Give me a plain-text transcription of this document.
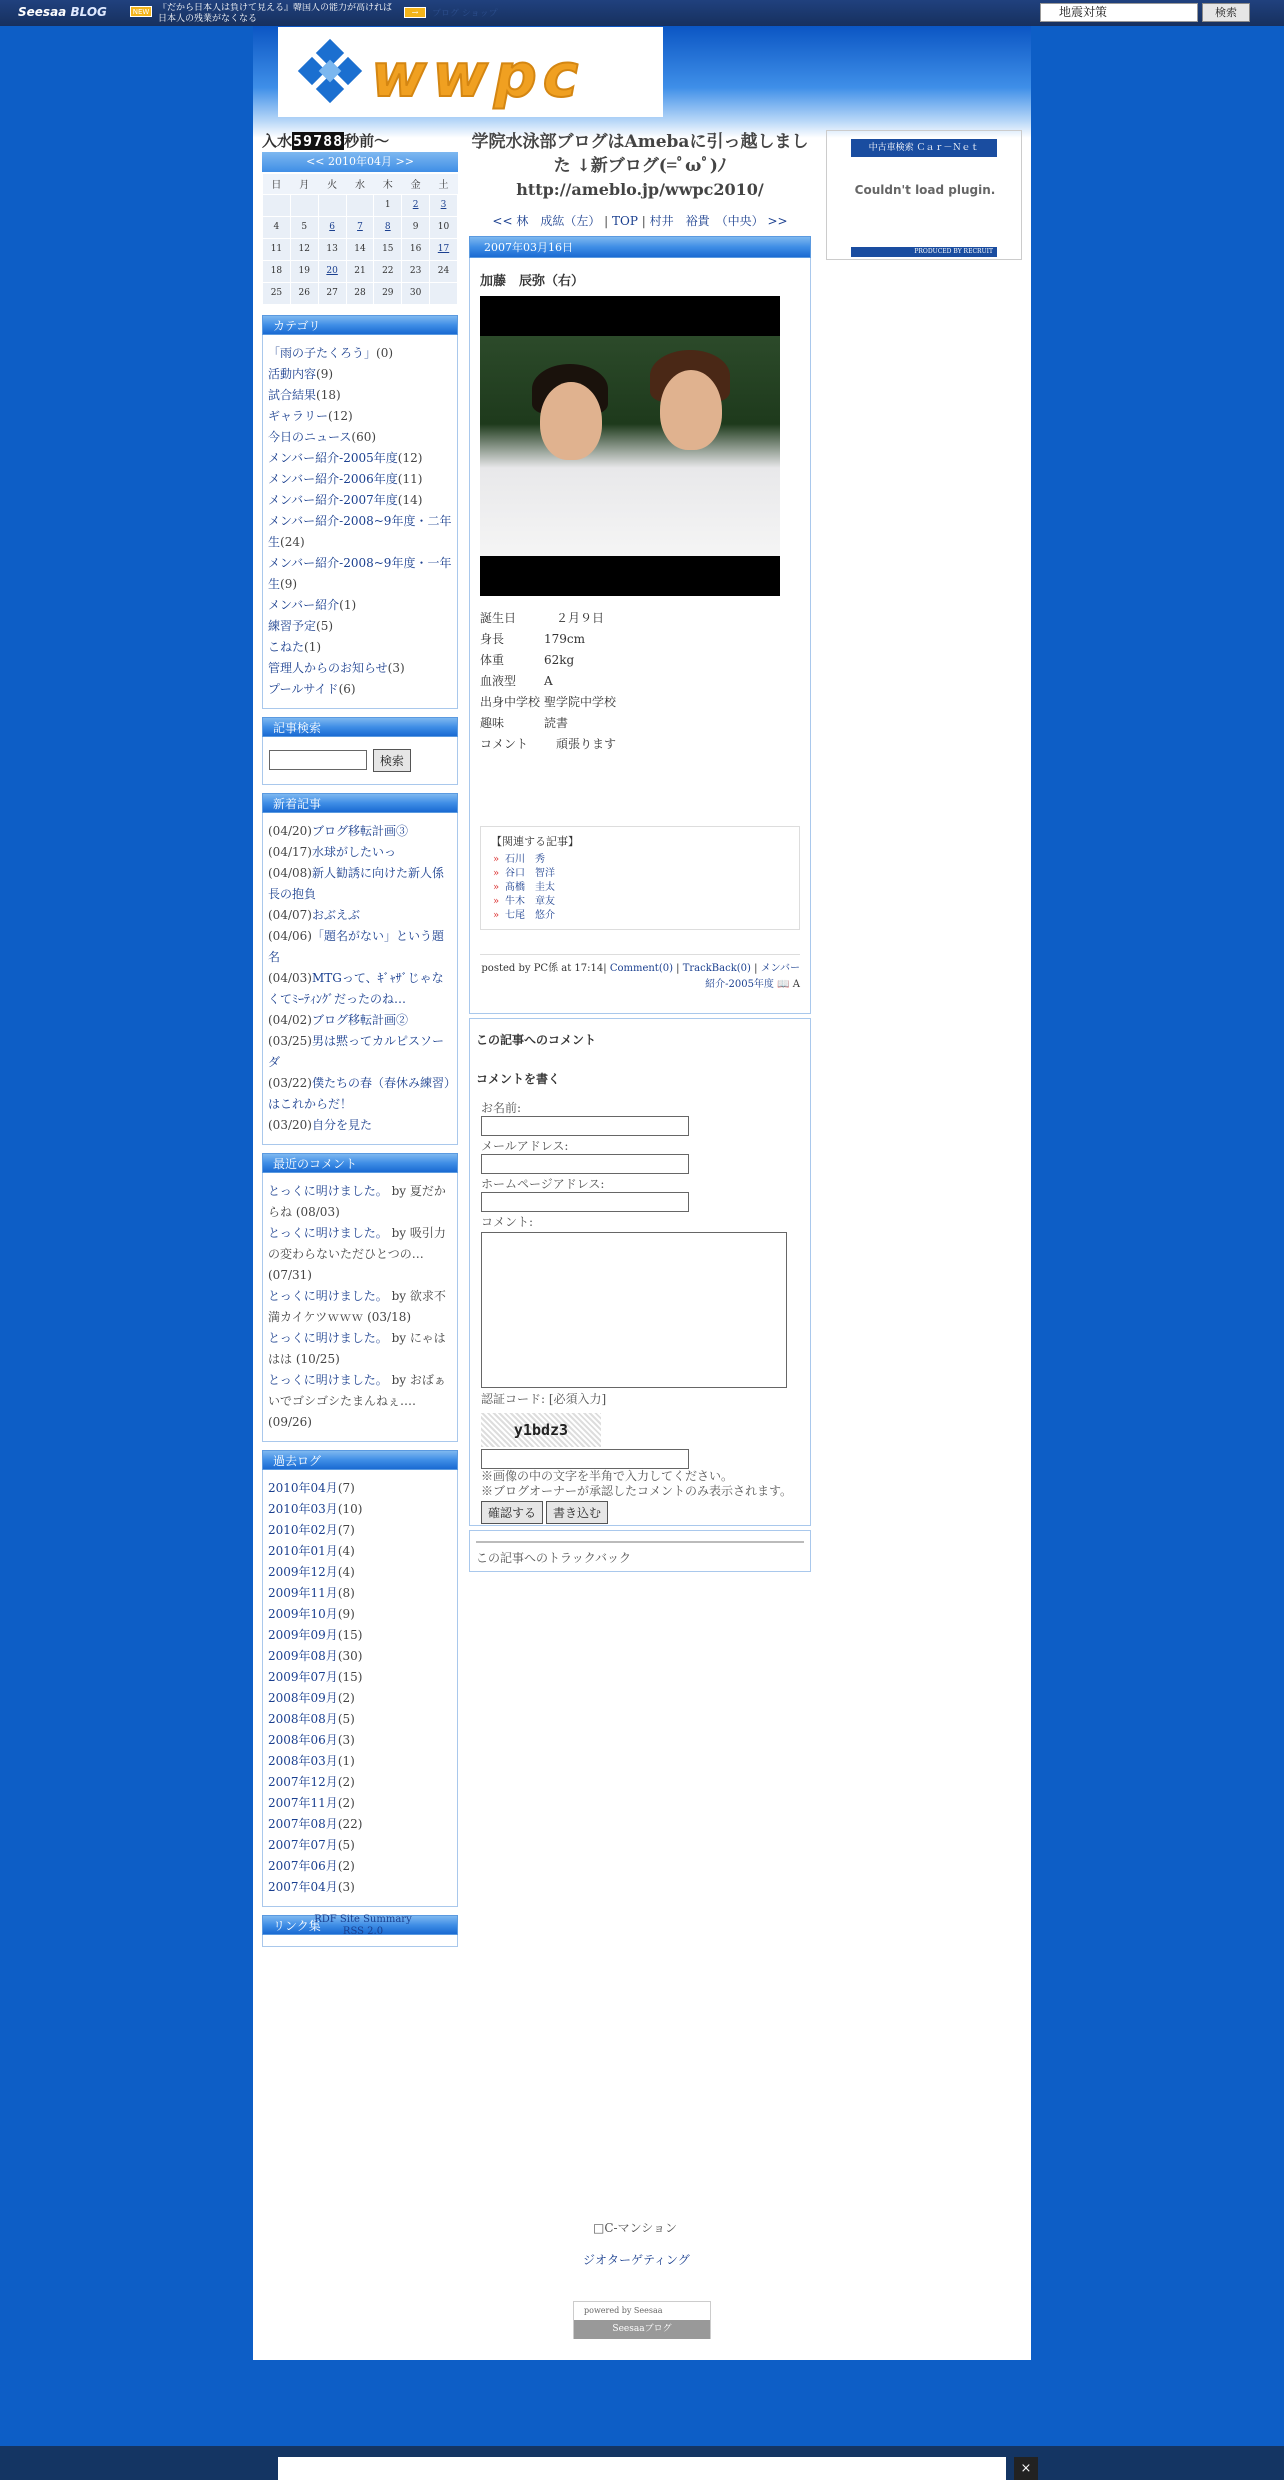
Seesaa BLOG	NEW 『だから日本人は負けて見える』韓国人の能力が高ければ日本人の残業がなくなる
→	ブログ ショップ	地震対策	検索
wwpc
入水59788秒前～
<< 2010年04月 >>
日	月	火	水	木	金	土
				1	2	3
4	5	6	7	8	9	10
11	12	13	14	15	16	17
18	19	20	21	22	23	24
25	26	27	28	29	30	
カテゴリ
「雨の子たくろう」(0)
活動内容(9)
試合結果(18)
ギャラリー(12)
今日のニュース(60)
メンバー紹介-2005年度(12)
メンバー紹介-2006年度(11)
メンバー紹介-2007年度(14)
メンバー紹介-2008~9年度・二年生(24)
メンバー紹介-2008~9年度・一年生(9)
メンバー紹介(1)
練習予定(5)
こねた(1)
管理人からのお知らせ(3)
プールサイド(6)
記事検索
検索
新着記事
(04/20)ブログ移転計画③
(04/17)水球がしたいっ
(04/08)新人勧誘に向けた新人係長の抱負
(04/07)おぶえぶ
(04/06)「題名がない」という題名
(04/03)MTGって、ｷﾞｬｻﾞじゃなくてﾐｰﾃｨﾝｸﾞだったのね…
(04/02)ブログ移転計画②
(03/25)男は黙ってカルピスソーダ
(03/22)僕たちの春（春休み練習）はこれからだ！
(03/20)自分を見た
最近のコメント
とっくに明けました。 by 夏だからね (08/03)
とっくに明けました。 by 吸引力の変わらないただひとつの… (07/31)
とっくに明けました。 by 欲求不満カイケツｗｗｗ (03/18)
とっくに明けました。 by にゃははは (10/25)
とっくに明けました。 by おばぁいでゴシゴシたまんねぇ‥‥ (09/26)
過去ログ
2010年04月(7)
2010年03月(10)
2010年02月(7)
2010年01月(4)
2009年12月(4)
2009年11月(8)
2009年10月(9)
2009年09月(15)
2009年08月(30)
2009年07月(15)
2008年09月(2)
2008年08月(5)
2008年06月(3)
2008年03月(1)
2007年12月(2)
2007年11月(2)
2007年08月(22)
2007年07月(5)
2007年06月(2)
2007年04月(3)
リンク集
RDF Site Summary
RSS 2.0
学院水泳部ブログはAmebaに引っ越しました ↓新ブログ(=ﾟωﾟ)ﾉ
http://ameblo.jp/wwpc2010/
<< 林　成紘（左） | TOP | 村井　裕貴　（中央） >>
2007年03月16日
加藤　辰弥（右）
誕生日	　２月９日
身長	179cm
体重	62kg
血液型	A
出身中学校 聖学院中学校
趣味	読書
コメント	　頑張ります
【関連する記事】
» 石川　秀
» 谷口　智洋
» 髙橋　圭太
» 牛木　章友
» 七尾　悠介
posted by PC係 at 17:14| Comment(0) | TrackBack(0) | メンバー紹介-2005年度 📖 A
この記事へのコメント
コメントを書く
お名前:
メールアドレス:
ホームページアドレス:
コメント:
認証コード: [必須入力]
y1bdz3
※画像の中の文字を半角で入力してください。
※ブログオーナーが承認したコメントのみ表示されます。
確認する 書き込む
この記事へのトラックバック
中古車検索 Ｃａｒ－Ｎｅｔ
Couldn't load plugin.
PRODUCED BY RECRUIT
□C-マンション
ジオターゲティング
powered by Seesaa
Seesaaブログ
×
